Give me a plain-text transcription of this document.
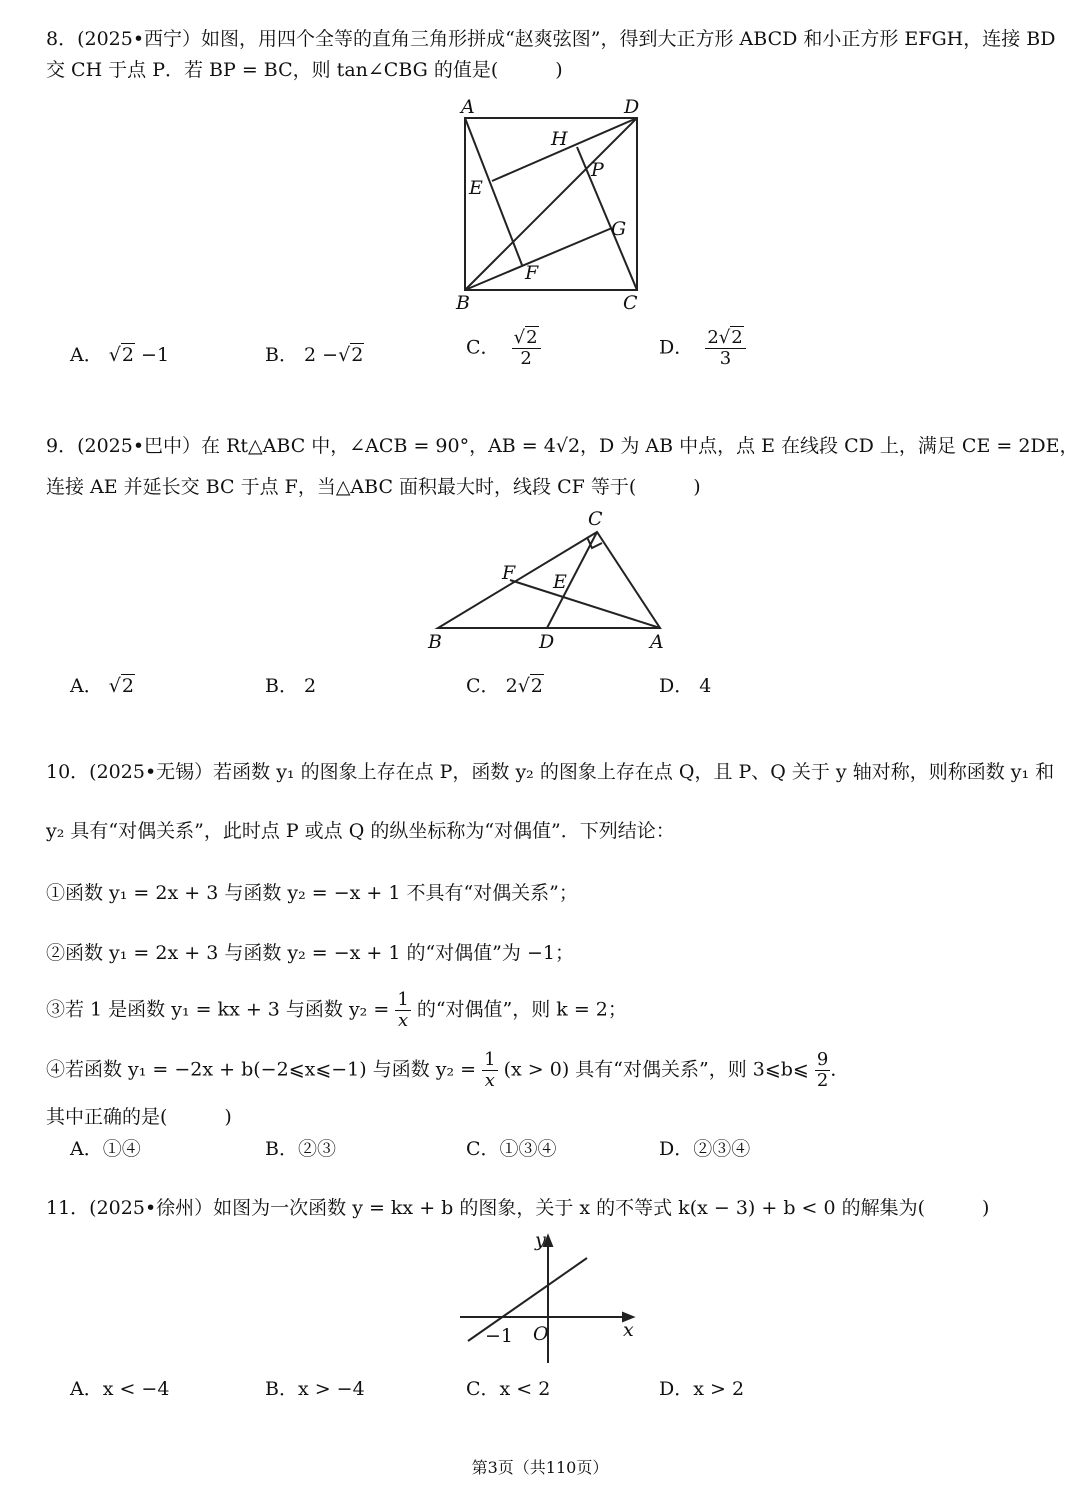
8．(2025•西宁）如图，用四个全等的直角三角形拼成“赵爽弦图”，得到大正方形 ABCD 和小正方形 EFGH，连接 BD
交 CH 于点 P．若 BP = BC，则 tan∠CBG 的值是(　　　)
A	D
B	C
H
P
E
G
F
A． √2 −1	B． 2 −√2	C． $\frac{√2}{2}$	D． $\frac{2√2}{3}$
9．(2025•巴中）在 Rt△ABC 中，∠ACB = 90°，AB = 4√2，D 为 AB 中点，点 E 在线段 CD 上，满足 CE = 2DE，
连接 AE 并延长交 BC 于点 F，当△ABC 面积最大时，线段 CF 等于(　　　)
C
F E
B	D	A
A． √2	B． 2	C． 2√2	D． 4
10．(2025•无锡）若函数 y₁ 的图象上存在点 P，函数 y₂ 的图象上存在点 Q，且 P、Q 关于 y 轴对称，则称函数 y₁ 和
y₂ 具有“对偶关系”，此时点 P 或点 Q 的纵坐标称为“对偶值”．下列结论：
①函数 y₁ = 2x + 3 与函数 y₂ = −x + 1 不具有“对偶关系”；
②函数 y₁ = 2x + 3 与函数 y₂ = −x + 1 的“对偶值”为 −1；
③若 1 是函数 y₁ = kx + 3 与函数 $y_2 = \frac{1}{x}$ 的“对偶值”，则 k = 2；
④若函数 y₁ = −2x + b(−2⩽x⩽−1) 与函数 $y_2 = \frac{1}{x} (x > 0)$ 具有“对偶关系”，则 3⩽b⩽ $\frac{9}{2}$ ．
其中正确的是(　　　)
A．①④	B．②③	C．①③④	D．②③④
11．(2025•徐州）如图为一次函数 y = kx + b 的图象，关于 x 的不等式 k(x − 3) + b < 0 的解集为(　　　)
y
x
−1 O
A．x < −4	B．x > −4	C．x < 2	D．x > 2
第3页（共110页）
